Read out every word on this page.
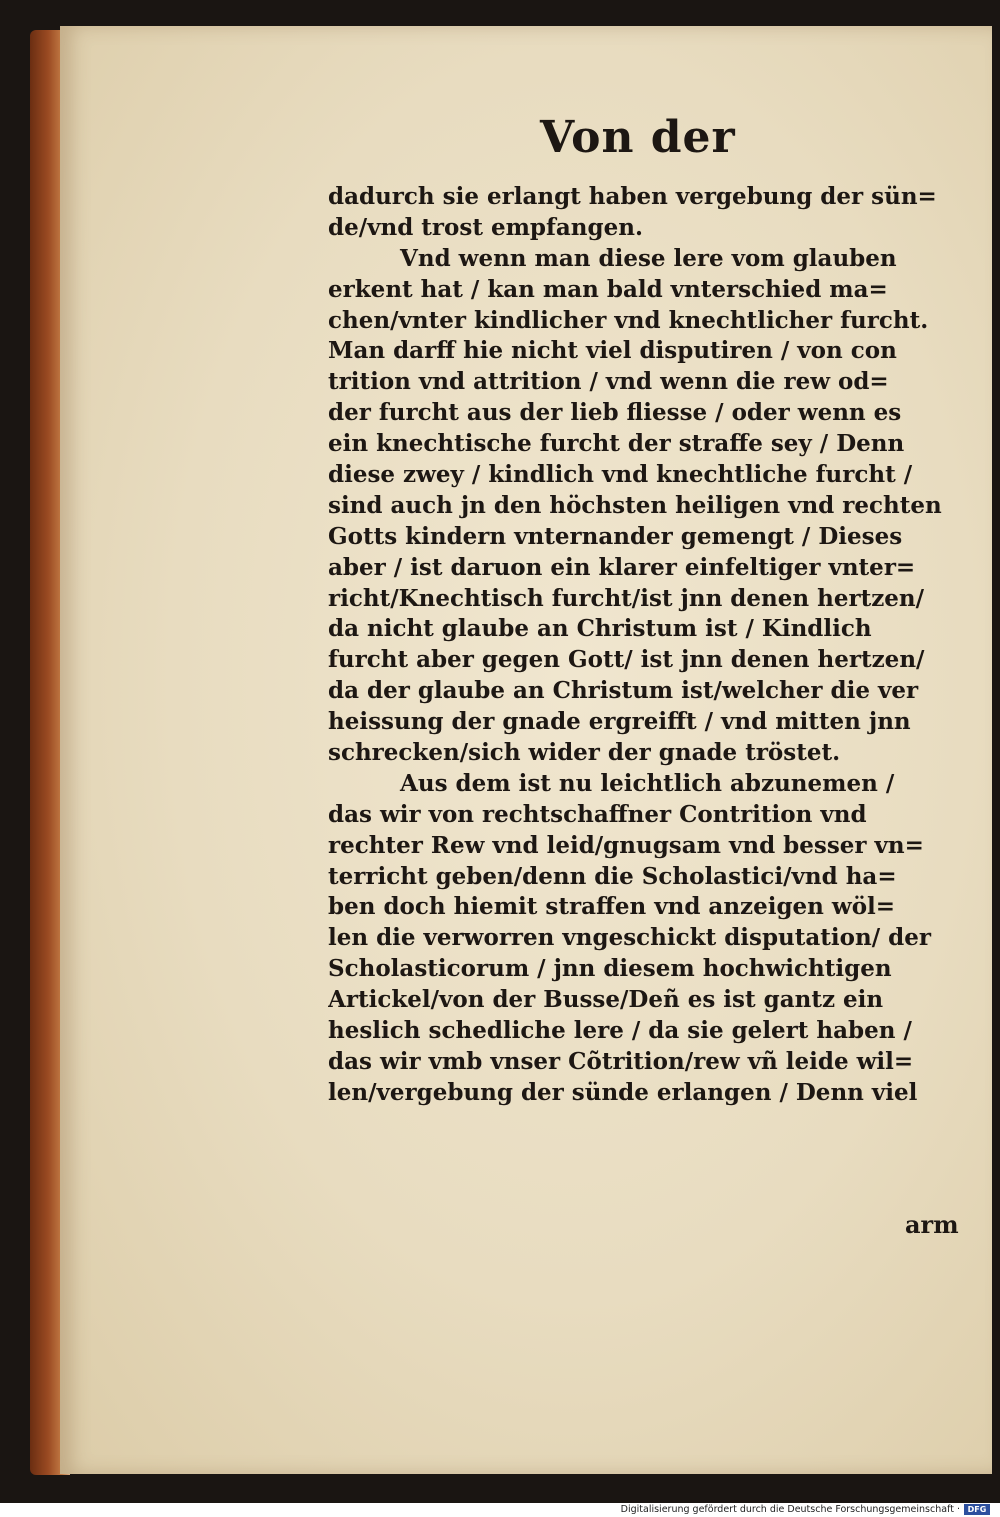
Von der
dadurch sie erlangt haben vergebung der sün=
de/vnd trost empfangen.
Vnd wenn man diese lere vom glauben
erkent hat / kan man bald vnterschied ma=
chen/vnter kindlicher vnd knechtlicher furcht.
Man darff hie nicht viel disputiren / von con
trition vnd attrition / vnd wenn die rew od=
der furcht aus der lieb fliesse / oder wenn es
ein knechtische furcht der straffe sey / Denn
diese zwey / kindlich vnd knechtliche furcht /
sind auch jn den höchsten heiligen vnd rechten
Gotts kindern vnternander gemengt / Dieses
aber / ist daruon ein klarer einfeltiger vnter=
richt/Knechtisch furcht/ist jnn denen hertzen/
da nicht glaube an Christum ist / Kindlich
furcht aber gegen Gott/ ist jnn denen hertzen/
da der glaube an Christum ist/welcher die ver
heissung der gnade ergreifft / vnd mitten jnn
schrecken/sich wider der gnade tröstet.
Aus dem ist nu leichtlich abzunemen /
das wir von rechtschaffner Contrition vnd
rechter Rew vnd leid/gnugsam vnd besser vn=
terricht geben/denn die Scholastici/vnd ha=
ben doch hiemit straffen vnd anzeigen wöl=
len die verworren vngeschickt disputation/ der
Scholasticorum / jnn diesem hochwichtigen
Artickel/von der Busse/Deñ es ist gantz ein
heslich schedliche lere / da sie gelert haben /
das wir vmb vnser Cõtrition/rew vñ leide wil=
len/vergebung der sünde erlangen / Denn viel
arm
Digitalisierung gefördert durch die Deutsche Forschungsgemeinschaft · DFG
